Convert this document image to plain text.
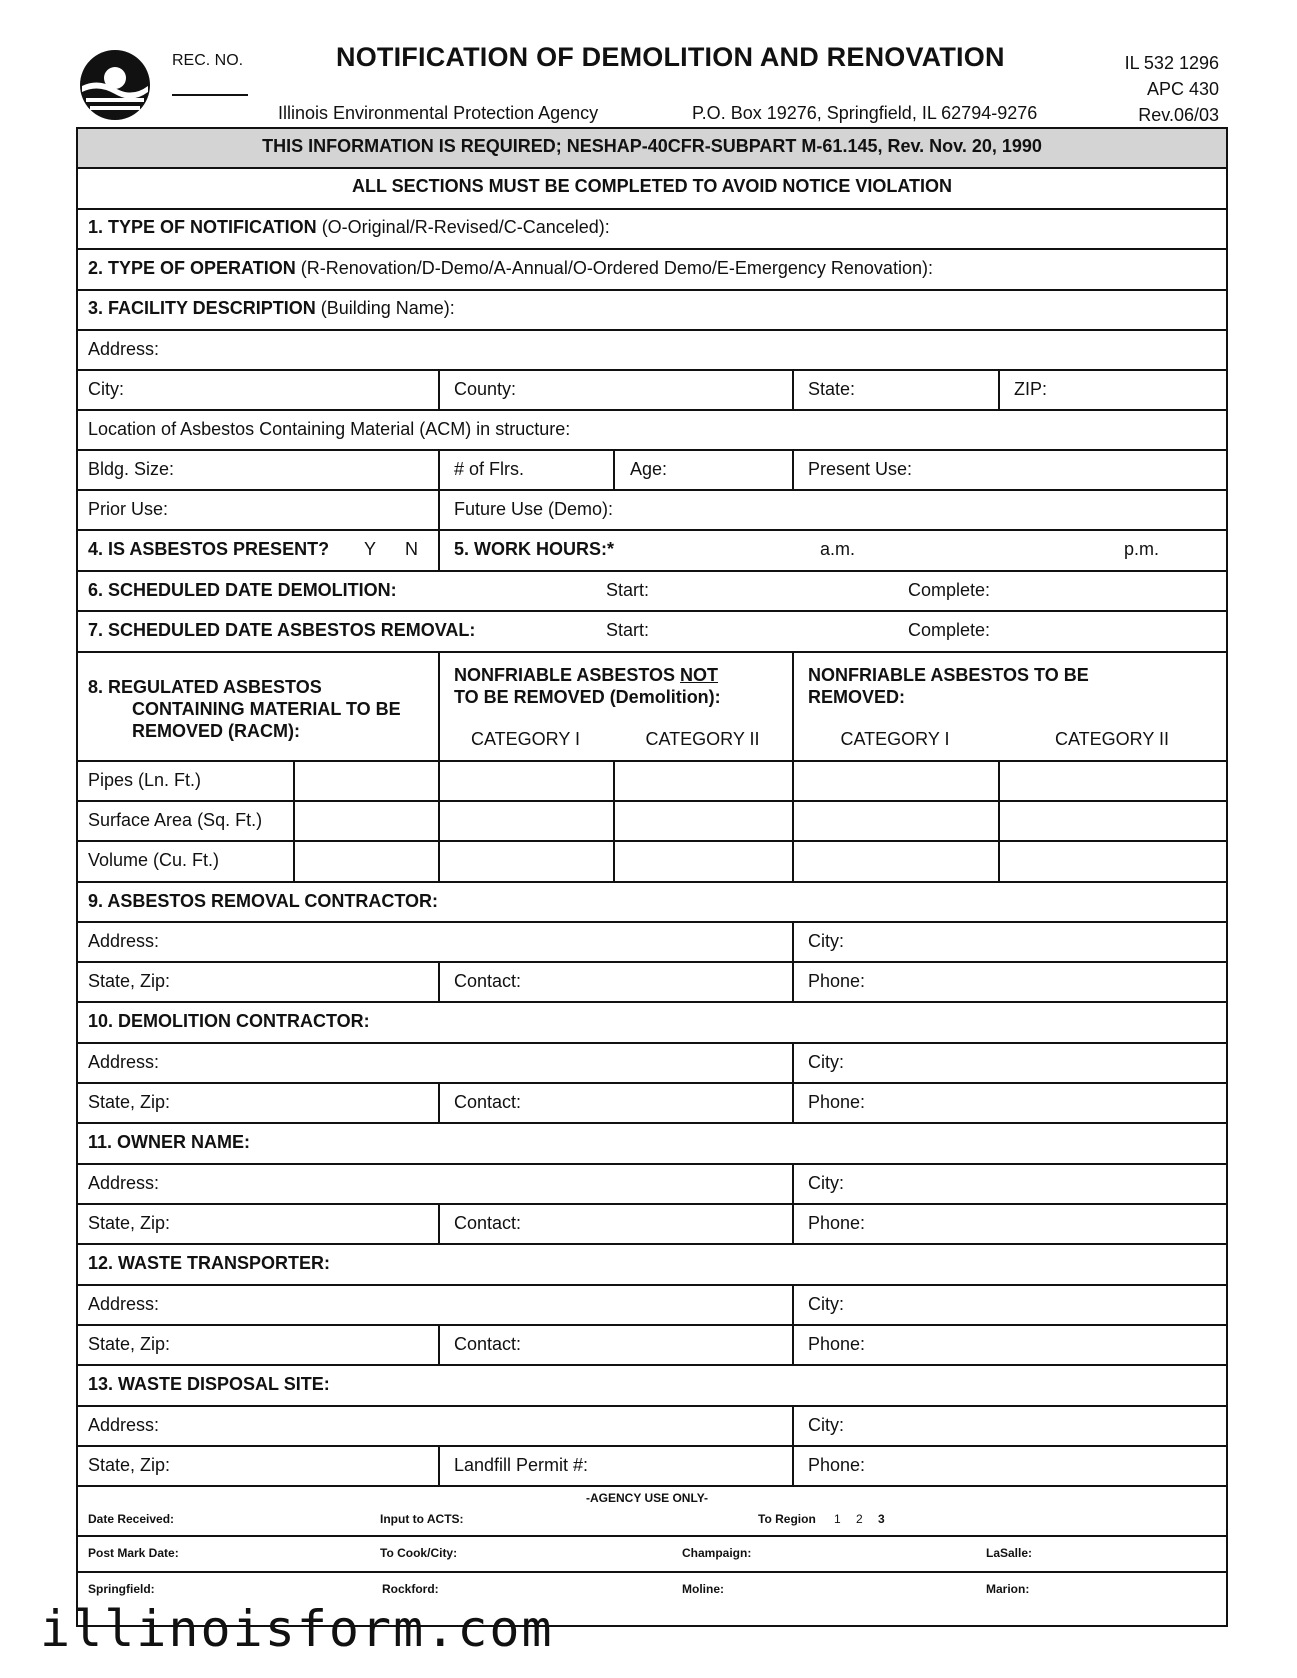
REC. NO.	NOTIFICATION OF DEMOLITION AND RENOVATION
Illinois Environmental Protection Agency	P.O. Box 19276, Springfield, IL 62794-9276
IL 532 1296
APC 430
Rev.06/03
THIS INFORMATION IS REQUIRED; NESHAP-40CFR-SUBPART M-61.145, Rev. Nov. 20, 1990
ALL SECTIONS MUST BE COMPLETED TO AVOID NOTICE VIOLATION
1. TYPE OF NOTIFICATION (O-Original/R-Revised/C-Canceled):
2. TYPE OF OPERATION (R-Renovation/D-Demo/A-Annual/O-Ordered Demo/E-Emergency Renovation):
3. FACILITY DESCRIPTION (Building Name):
Address:
City:	County:	State:	ZIP:
Location of Asbestos Containing Material (ACM) in structure:
Bldg. Size:	# of Flrs.	Age:	Present Use:
Prior Use:	Future Use (Demo):
4. IS ASBESTOS PRESENT? Y N 5. WORK HOURS:*	a.m.	p.m.
6. SCHEDULED DATE DEMOLITION:	Start:	Complete:
7. SCHEDULED DATE ASBESTOS REMOVAL:	Start:	Complete:
8. REGULATED ASBESTOS
CONTAINING MATERIAL TO BE
REMOVED (RACM):
NONFRIABLE ASBESTOS NOT
TO BE REMOVED (Demolition):
NONFRIABLE ASBESTOS TO BE
REMOVED:
CATEGORY I	CATEGORY II	CATEGORY I	CATEGORY II
Pipes (Ln. Ft.)
Surface Area (Sq. Ft.)
Volume (Cu. Ft.)
9. ASBESTOS REMOVAL CONTRACTOR:
Address:	City:
State, Zip:	Contact:	Phone:
10. DEMOLITION CONTRACTOR:
Address:	City:
State, Zip:	Contact:	Phone:
11. OWNER NAME:
Address:	City:
State, Zip:	Contact:	Phone:
12. WASTE TRANSPORTER:
Address:	City:
State, Zip:	Contact:	Phone:
13. WASTE DISPOSAL SITE:
Address:	City:
State, Zip:	Landfill Permit #:	Phone:
-AGENCY USE ONLY-
Date Received:	Input to ACTS:	To Region 1 2 3
Post Mark Date:	To Cook/City:	Champaign:	LaSalle:
Springfield:	Rockford:	Moline:	Marion:
illinoisform.com
